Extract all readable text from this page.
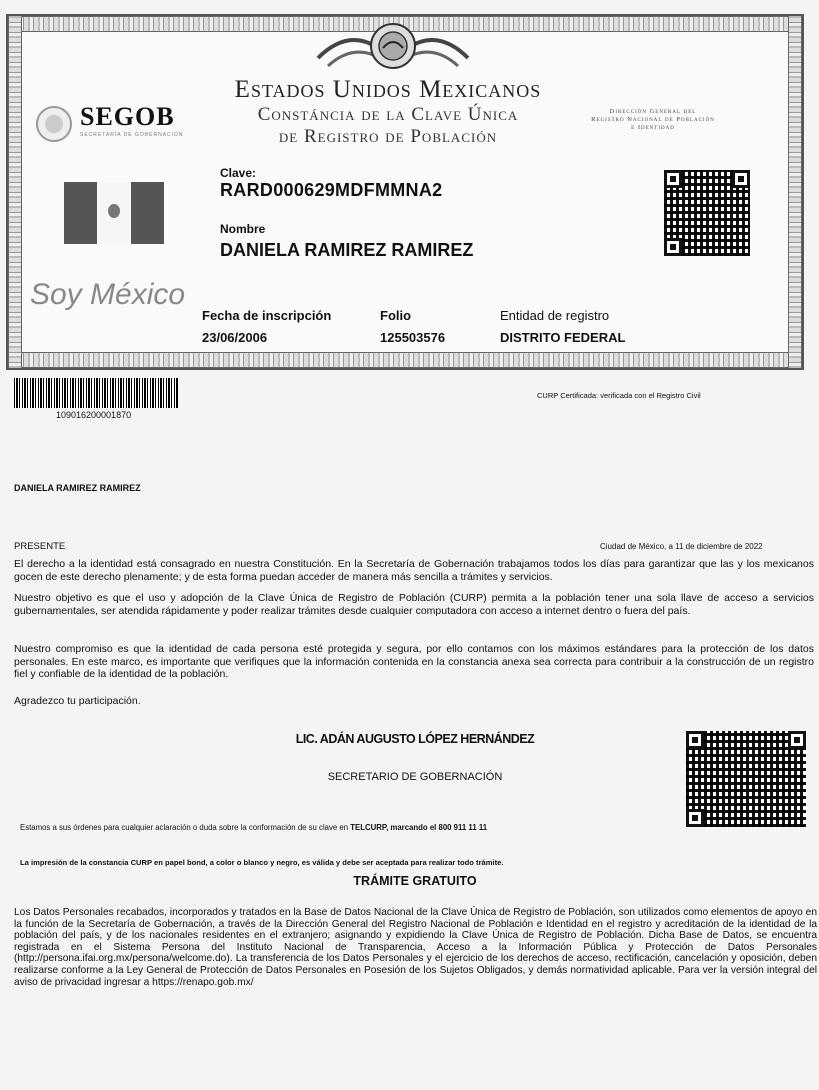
SEGOB
SECRETARÍA DE GOBERNACIÓN
Estados Unidos Mexicanos
Constáncia de la Clave Única
de Registro de Población
Dirección General del
Registro Nacional de Población
e Identidad
Clave:
RARD000629MDFMMNA2
Nombre
DANIELA RAMIREZ RAMIREZ
Soy México
Fecha de inscripción
23/06/2006
Folio
125503576
Entidad de registro
DISTRITO FEDERAL
109016200001870
CURP Certificada: verificada con el Registro Civil
DANIELA RAMIREZ RAMIREZ
PRESENTE	Ciudad de México, a 11 de diciembre de 2022
El derecho a la identidad está consagrado en nuestra Constitución. En la Secretaría de Gobernación trabajamos todos los días para garantizar que las y los mexicanos gocen de este derecho plenamente; y de esta forma puedan acceder de manera más sencilla a trámites y servicios.
Nuestro objetivo es que el uso y adopción de la Clave Única de Registro de Población (CURP) permita a la población tener una sola llave de acceso a servicios gubernamentales, ser atendida rápidamente y poder realizar trámites desde cualquier computadora con acceso a internet dentro o fuera del país.
Nuestro compromiso es que la identidad de cada persona esté protegida y segura, por ello contamos con los máximos estándares para la protección de los datos personales. En este marco, es importante que verifiques que la información contenida en la constancia anexa sea correcta para contribuir a la construcción de un registro fiel y confiable de la identidad de la población.
Agradezco tu participación.
LIC. ADÁN AUGUSTO LÓPEZ HERNÁNDEZ
SECRETARIO DE GOBERNACIÓN
Estamos a sus órdenes para cualquier aclaración o duda sobre la conformación de su clave en TELCURP, marcando el 800 911 11 11
La impresión de la constancia CURP en papel bond, a color o blanco y negro, es válida y debe ser aceptada para realizar todo trámite.
TRÁMITE GRATUITO
Los Datos Personales recabados, incorporados y tratados en la Base de Datos Nacional de la Clave Única de Registro de Población, son utilizados como elementos de apoyo en la función de la Secretaría de Gobernación, a través de la Dirección General del Registro Nacional de Población e Identidad en el registro y acreditación de la identidad de la población del país, y de los nacionales residentes en el extranjero; asignando y expidiendo la Clave Única de Registro de Población. Dicha Base de Datos, se encuentra registrada en el Sistema Persona del Instituto Nacional de Transparencia, Acceso a la Información Pública y Protección de Datos Personales (http://persona.ifai.org.mx/persona/welcome.do). La transferencia de los Datos Personales y el ejercicio de los derechos de acceso, rectificación, cancelación y oposición, deben realizarse conforme a la Ley General de Protección de Datos Personales en Posesión de los Sujetos Obligados, y demás normatividad aplicable. Para ver la versión integral del aviso de privacidad ingresar a https://renapo.gob.mx/
